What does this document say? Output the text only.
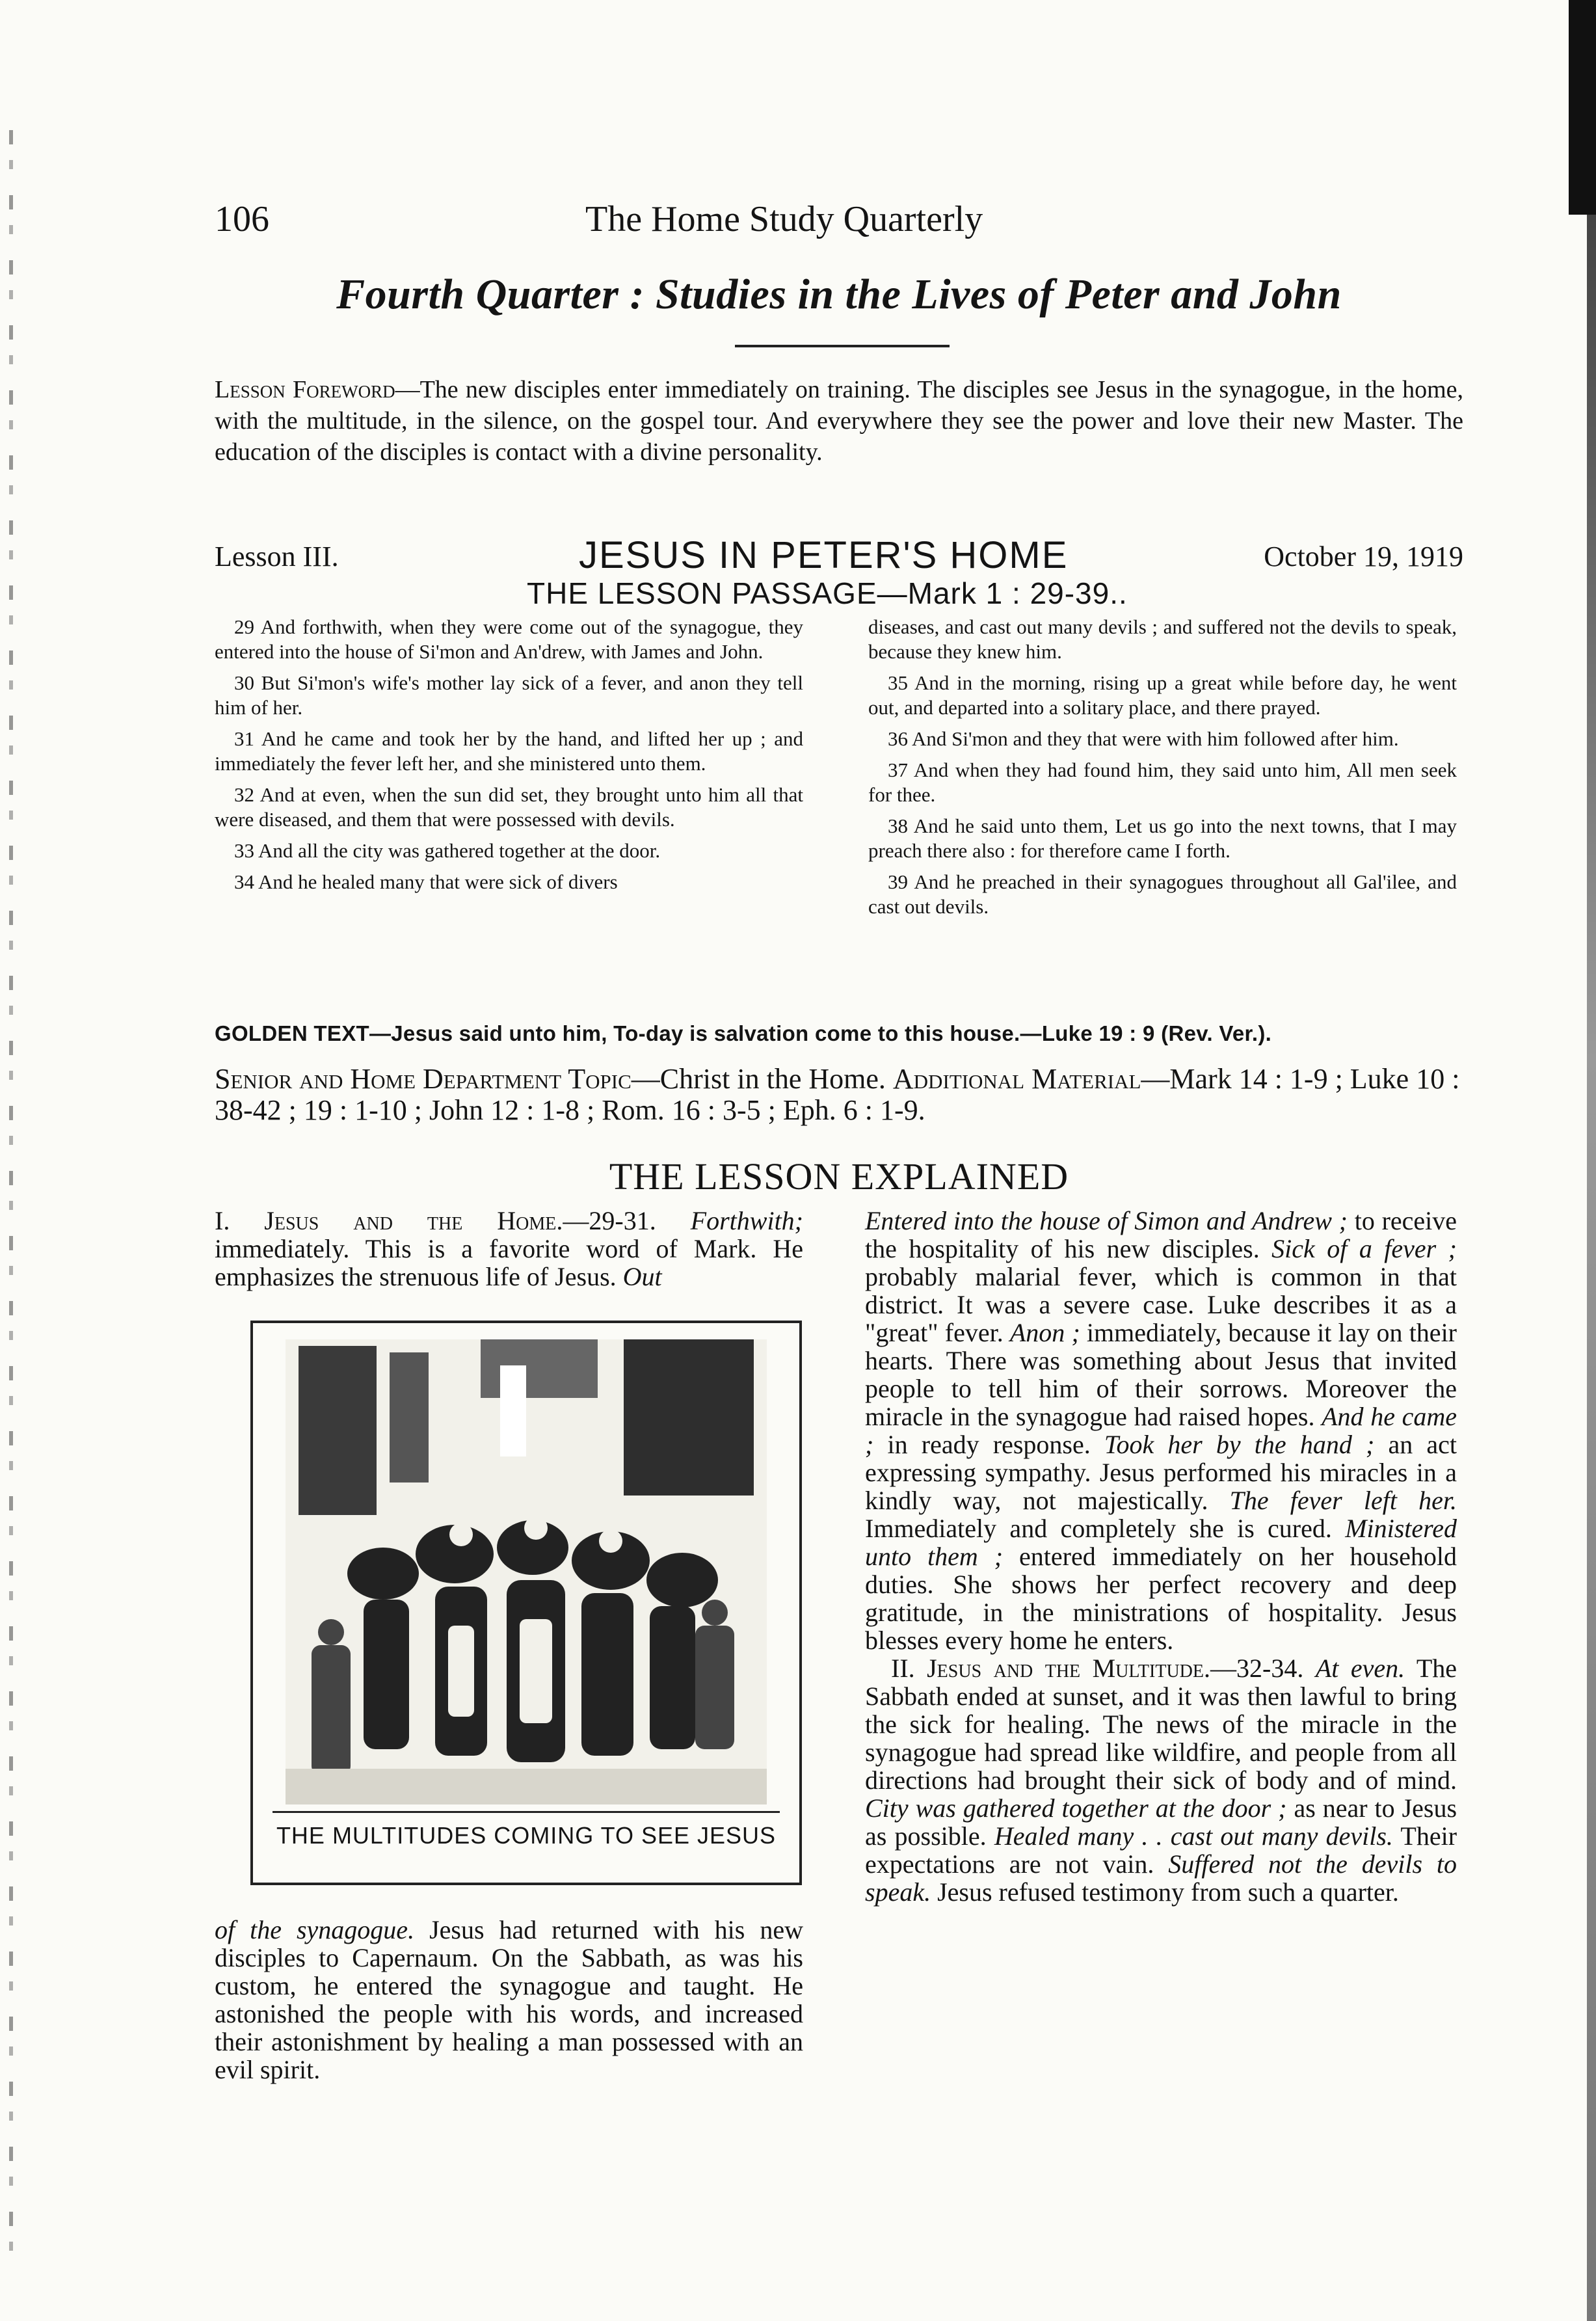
106	The Home Study Quarterly
Fourth Quarter : Studies in the Lives of Peter and John
Lesson Foreword—The new disciples enter immediately on training. The disciples see Jesus in the synagogue, in the home, with the multitude, in the silence, on the gospel tour. And everywhere they see the power and love their new Master. The education of the disciples is contact with a divine personality.
Lesson III.	JESUS IN PETER'S HOME	October 19, 1919
THE LESSON PASSAGE—Mark 1 : 29-39..

29 And forthwith, when they were come out of the synagogue, they entered into the house of Si'mon and An'drew, with James and John.

30 But Si'mon's wife's mother lay sick of a fever, and anon they tell him of her.

31 And he came and took her by the hand, and lifted her up ; and immediately the fever left her, and she ministered unto them.

32 And at even, when the sun did set, they brought unto him all that were diseased, and them that were possessed with devils.

33 And all the city was gathered together at the door.

34 And he healed many that were sick of divers

diseases, and cast out many devils ; and suffered not the devils to speak, because they knew him.

35 And in the morning, rising up a great while before day, he went out, and departed into a solitary place, and there prayed.

36 And Si'mon and they that were with him followed after him.

37 And when they had found him, they said unto him, All men seek for thee.

38 And he said unto them, Let us go into the next towns, that I may preach there also : for therefore came I forth.

39 And he preached in their synagogues throughout all Gal'ilee, and cast out devils.

GOLDEN TEXT—Jesus said unto him, To-day is salvation come to this house.—Luke 19 : 9 (Rev. Ver.).
Senior and Home Department Topic—Christ in the Home. Additional Material—Mark 14 : 1-9 ; Luke 10 : 38-42 ; 19 : 1-10 ; John 12 : 1-8 ; Rom. 16 : 3-5 ; Eph. 6 : 1-9.
THE LESSON EXPLAINED

I. Jesus and the Home.—29-31. Forthwith; immediately. This is a favorite word of Mark. He emphasizes the strenuous life of Jesus. Out

THE MULTITUDES COMING TO SEE JESUS

of the synagogue. Jesus had returned with his new disciples to Capernaum. On the Sabbath, as was his custom, he entered the synagogue and taught. He astonished the people with his words, and increased their astonishment by healing a man possessed with an evil spirit.

Entered into the house of Simon and Andrew ; to receive the hospitality of his new disciples. Sick of a fever ; probably malarial fever, which is common in that district. It was a severe case. Luke describes it as a "great" fever. Anon ; immediately, because it lay on their hearts. There was something about Jesus that invited people to tell him of their sorrows. Moreover the miracle in the synagogue had raised hopes. And he came ; in ready response. Took her by the hand ; an act expressing sympathy. Jesus performed his miracles in a kindly way, not majestically. The fever left her. Immediately and completely she is cured. Ministered unto them ; entered immediately on her household duties. She shows her perfect recovery and deep gratitude, in the ministrations of hospitality. Jesus blesses every home he enters.

II. Jesus and the Multitude.—32-34. At even. The Sabbath ended at sunset, and it was then lawful to bring the sick for healing. The news of the miracle in the synagogue had spread like wildfire, and people from all directions had brought their sick of body and of mind. City was gathered together at the door ; as near to Jesus as possible. Healed many . . cast out many devils. Their expectations are not vain. Suffered not the devils to speak. Jesus refused testimony from such a quarter.
